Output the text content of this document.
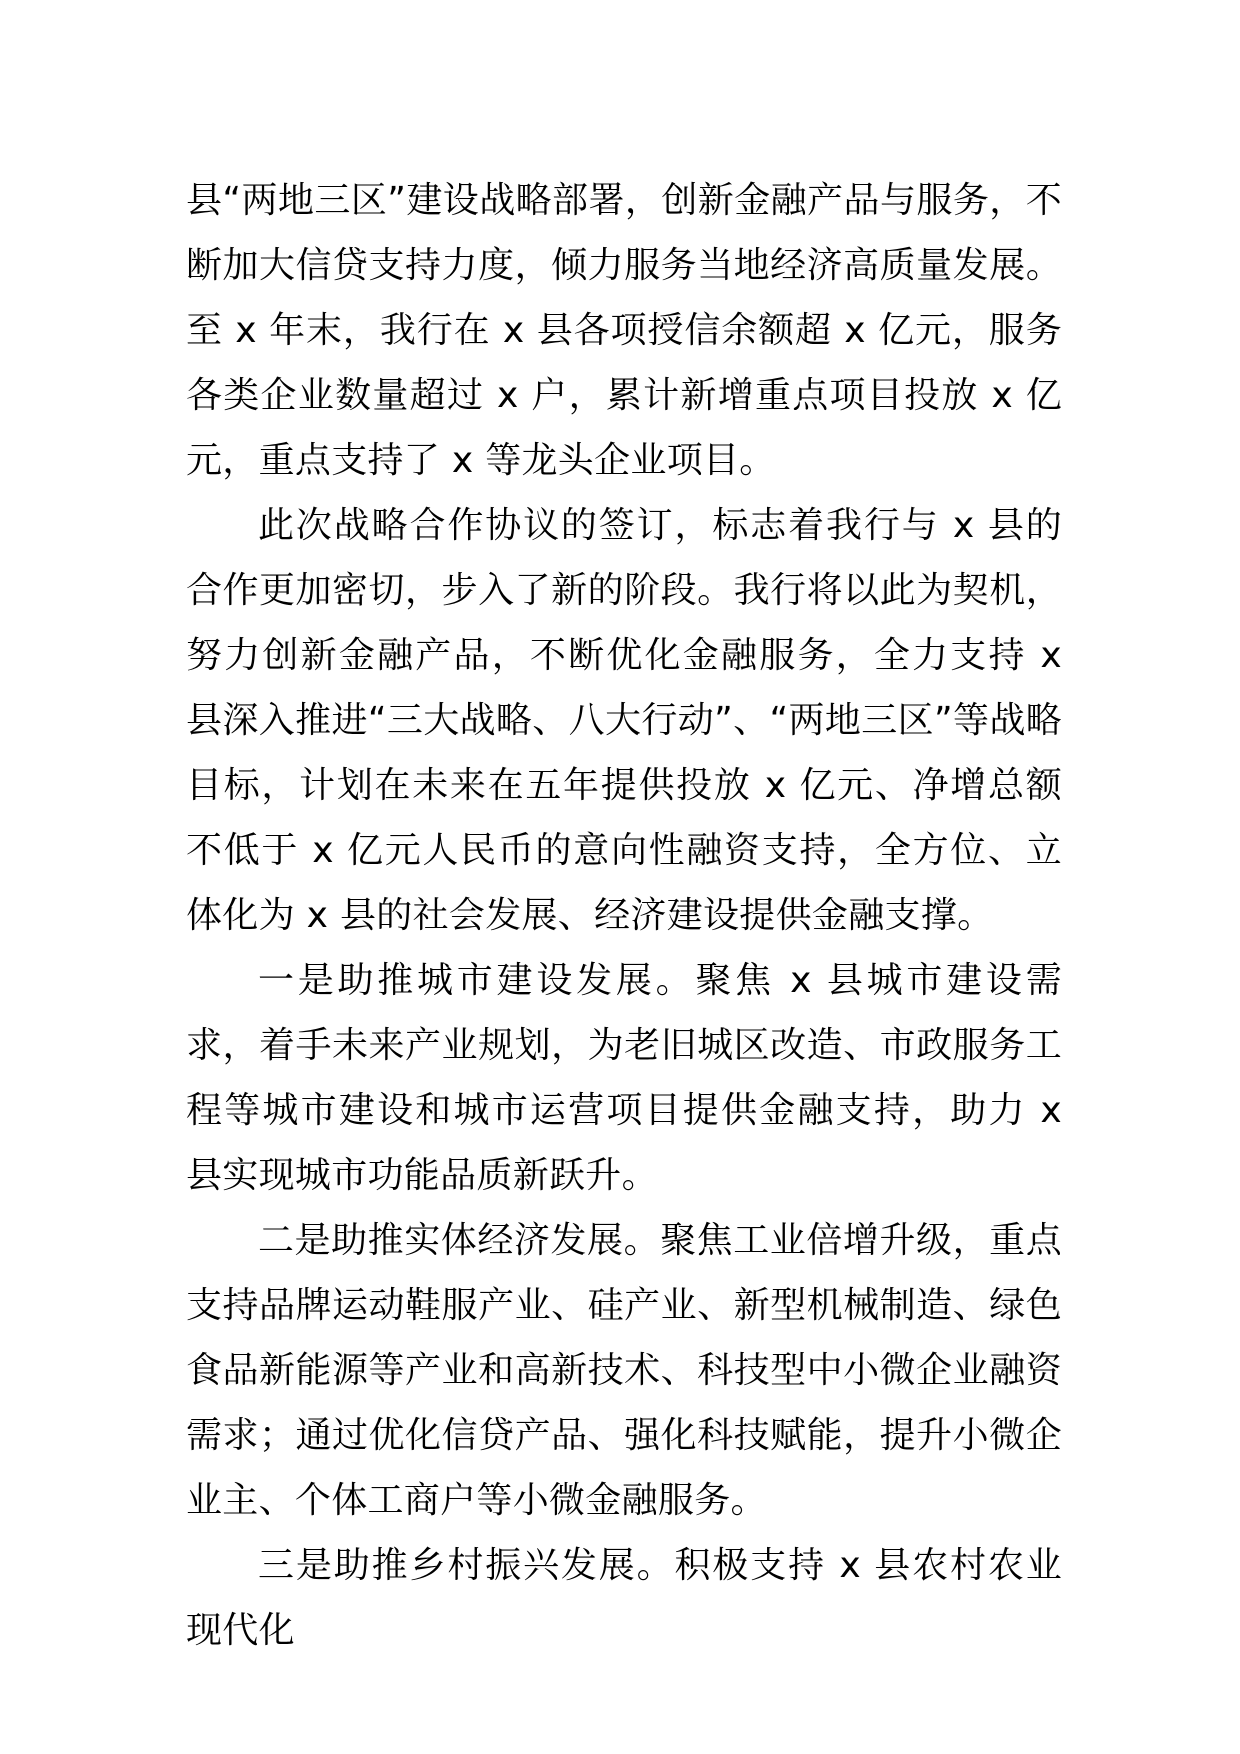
县“两地三区”建设战略部署，创新金融产品与服务，不断加大信贷支持力度，倾力服务当地经济高质量发展。至 x 年末，我行在 x 县各项授信余额超 x 亿元，服务各类企业数量超过 x 户，累计新增重点项目投放 x 亿元，重点支持了 x 等龙头企业项目。

此次战略合作协议的签订，标志着我行与 x 县的合作更加密切，步入了新的阶段。我行将以此为契机，努力创新金融产品，不断优化金融服务，全力支持 x 县深入推进“三大战略、八大行动”、“两地三区”等战略目标，计划在未来在五年提供投放 x 亿元、净增总额不低于 x 亿元人民币的意向性融资支持，全方位、立体化为 x 县的社会发展、经济建设提供金融支撑。

一是助推城市建设发展。聚焦 x 县城市建设需求，着手未来产业规划，为老旧城区改造、市政服务工程等城市建设和城市运营项目提供金融支持，助力 x 县实现城市功能品质新跃升。

二是助推实体经济发展。聚焦工业倍增升级，重点支持品牌运动鞋服产业、硅产业、新型机械制造、绿色食品新能源等产业和高新技术、科技型中小微企业融资需求；通过优化信贷产品、强化科技赋能，提升小微企业主、个体工商户等小微金融服务。

三是助推乡村振兴发展。积极支持 x 县农村农业现代化
